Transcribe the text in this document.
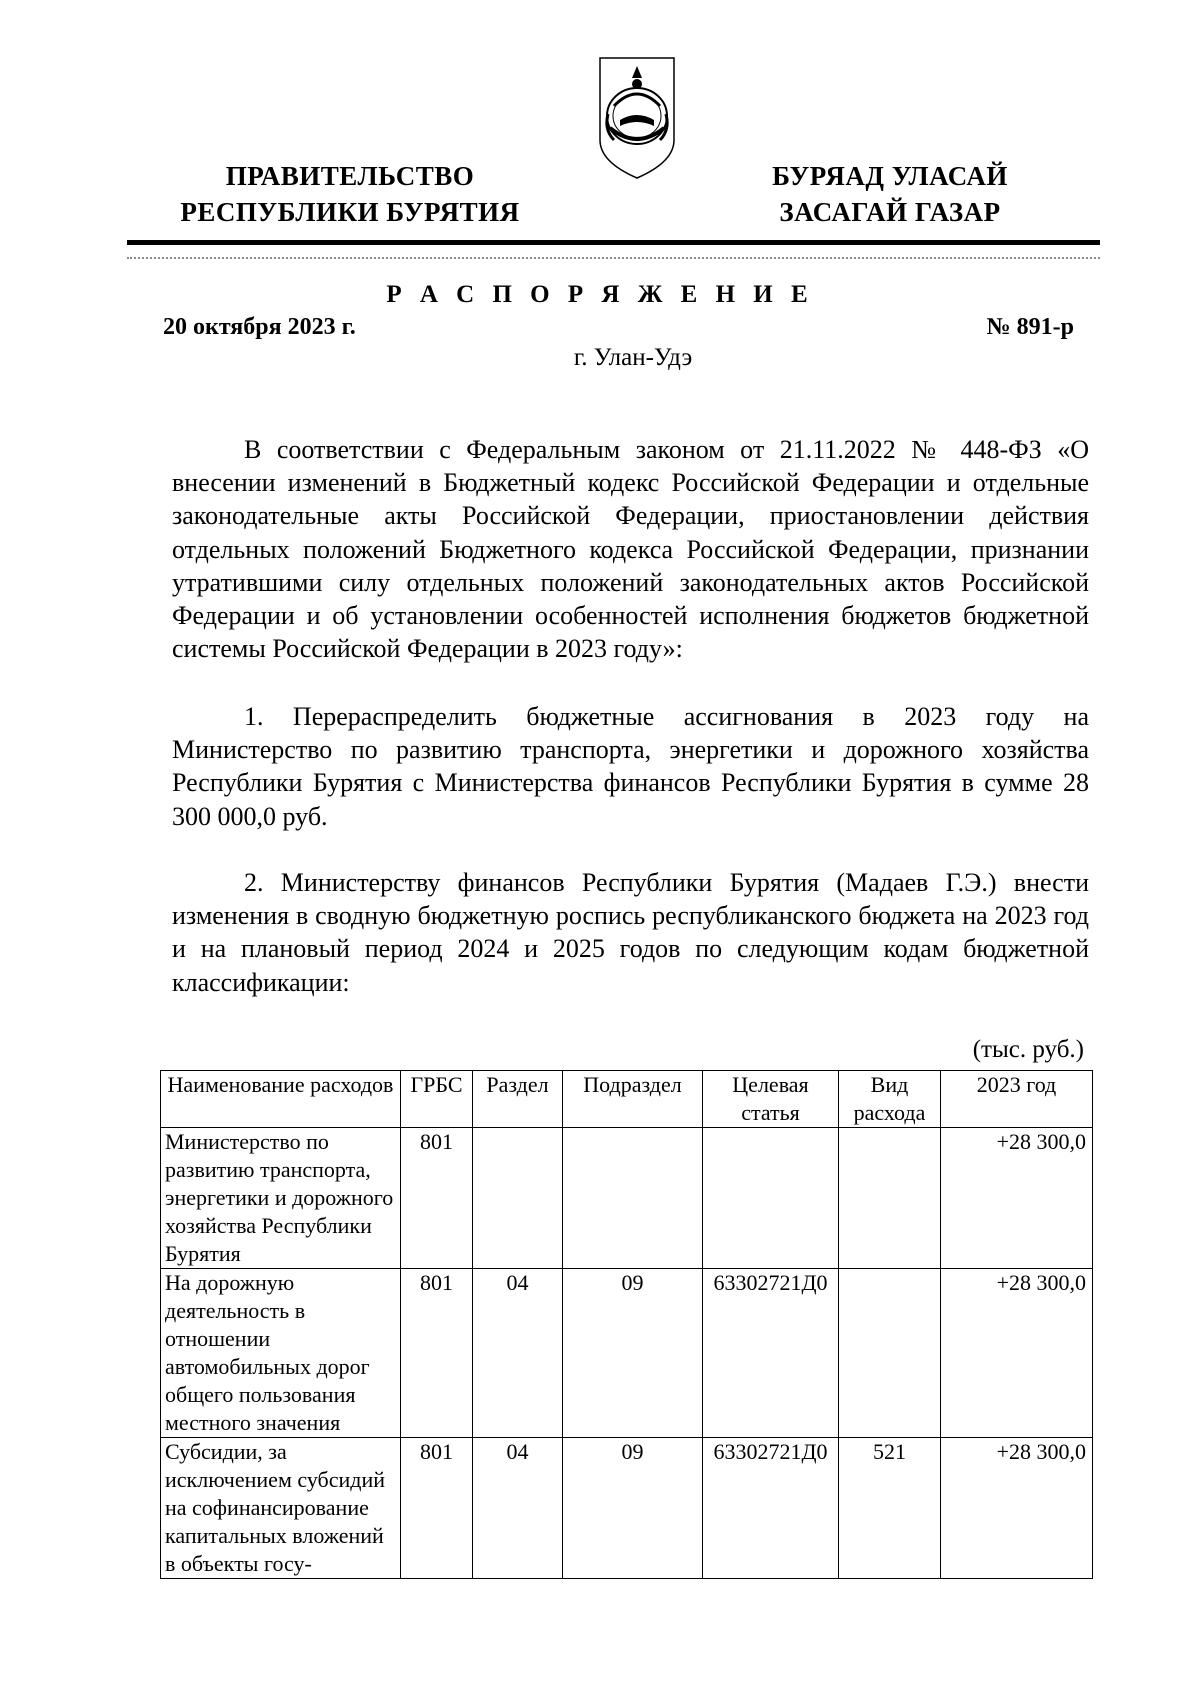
ПРАВИТЕЛЬСТВО
РЕСПУБЛИКИ БУРЯТИЯ
БУРЯАД УЛАСАЙ
ЗАСАГАЙ ГАЗАР
Р А С П О Р Я Ж Е Н И Е
20 октября 2023 г.	№ 891-р
г. Улан-Удэ

В соответствии с Федеральным законом от 21.11.2022 № 448-ФЗ «О внесении изменений в Бюджетный кодекс Российской Федерации и отдельные законодательные акты Российской Федерации, приостановлении действия отдельных положений Бюджетного кодекса Российской Федерации, признании утратившими силу отдельных положений законодательных актов Российской Федерации и об установлении особенностей исполнения бюджетов бюджетной системы Российской Федерации в 2023 году»:

1. Перераспределить бюджетные ассигнования в 2023 году на Министерство по развитию транспорта, энергетики и дорожного хозяйства Республики Бурятия с Министерства финансов Республики Бурятия в сумме 28 300 000,0 руб.

2. Министерству финансов Республики Бурятия (Мадаев Г.Э.) внести изменения в сводную бюджетную роспись республиканского бюджета на 2023 год и на плановый период 2024 и 2025 годов по следующим кодам бюджетной классификации:

(тыс. руб.)
Наименование расходов	ГРБС	Раздел	Подраздел	Целевая статья	Вид расхода	2023 год
Министерство по развитию транспорта, энергетики и дорожного хозяйства Республики Бурятия	801					+28 300,0
На дорожную деятельность в отношении автомобильных дорог общего пользования местного значения	801	04	09	63302721Д0		+28 300,0
Субсидии, за исключением субсидий на софинансирование капитальных вложений в объекты госу-	801	04	09	63302721Д0	521	+28 300,0
